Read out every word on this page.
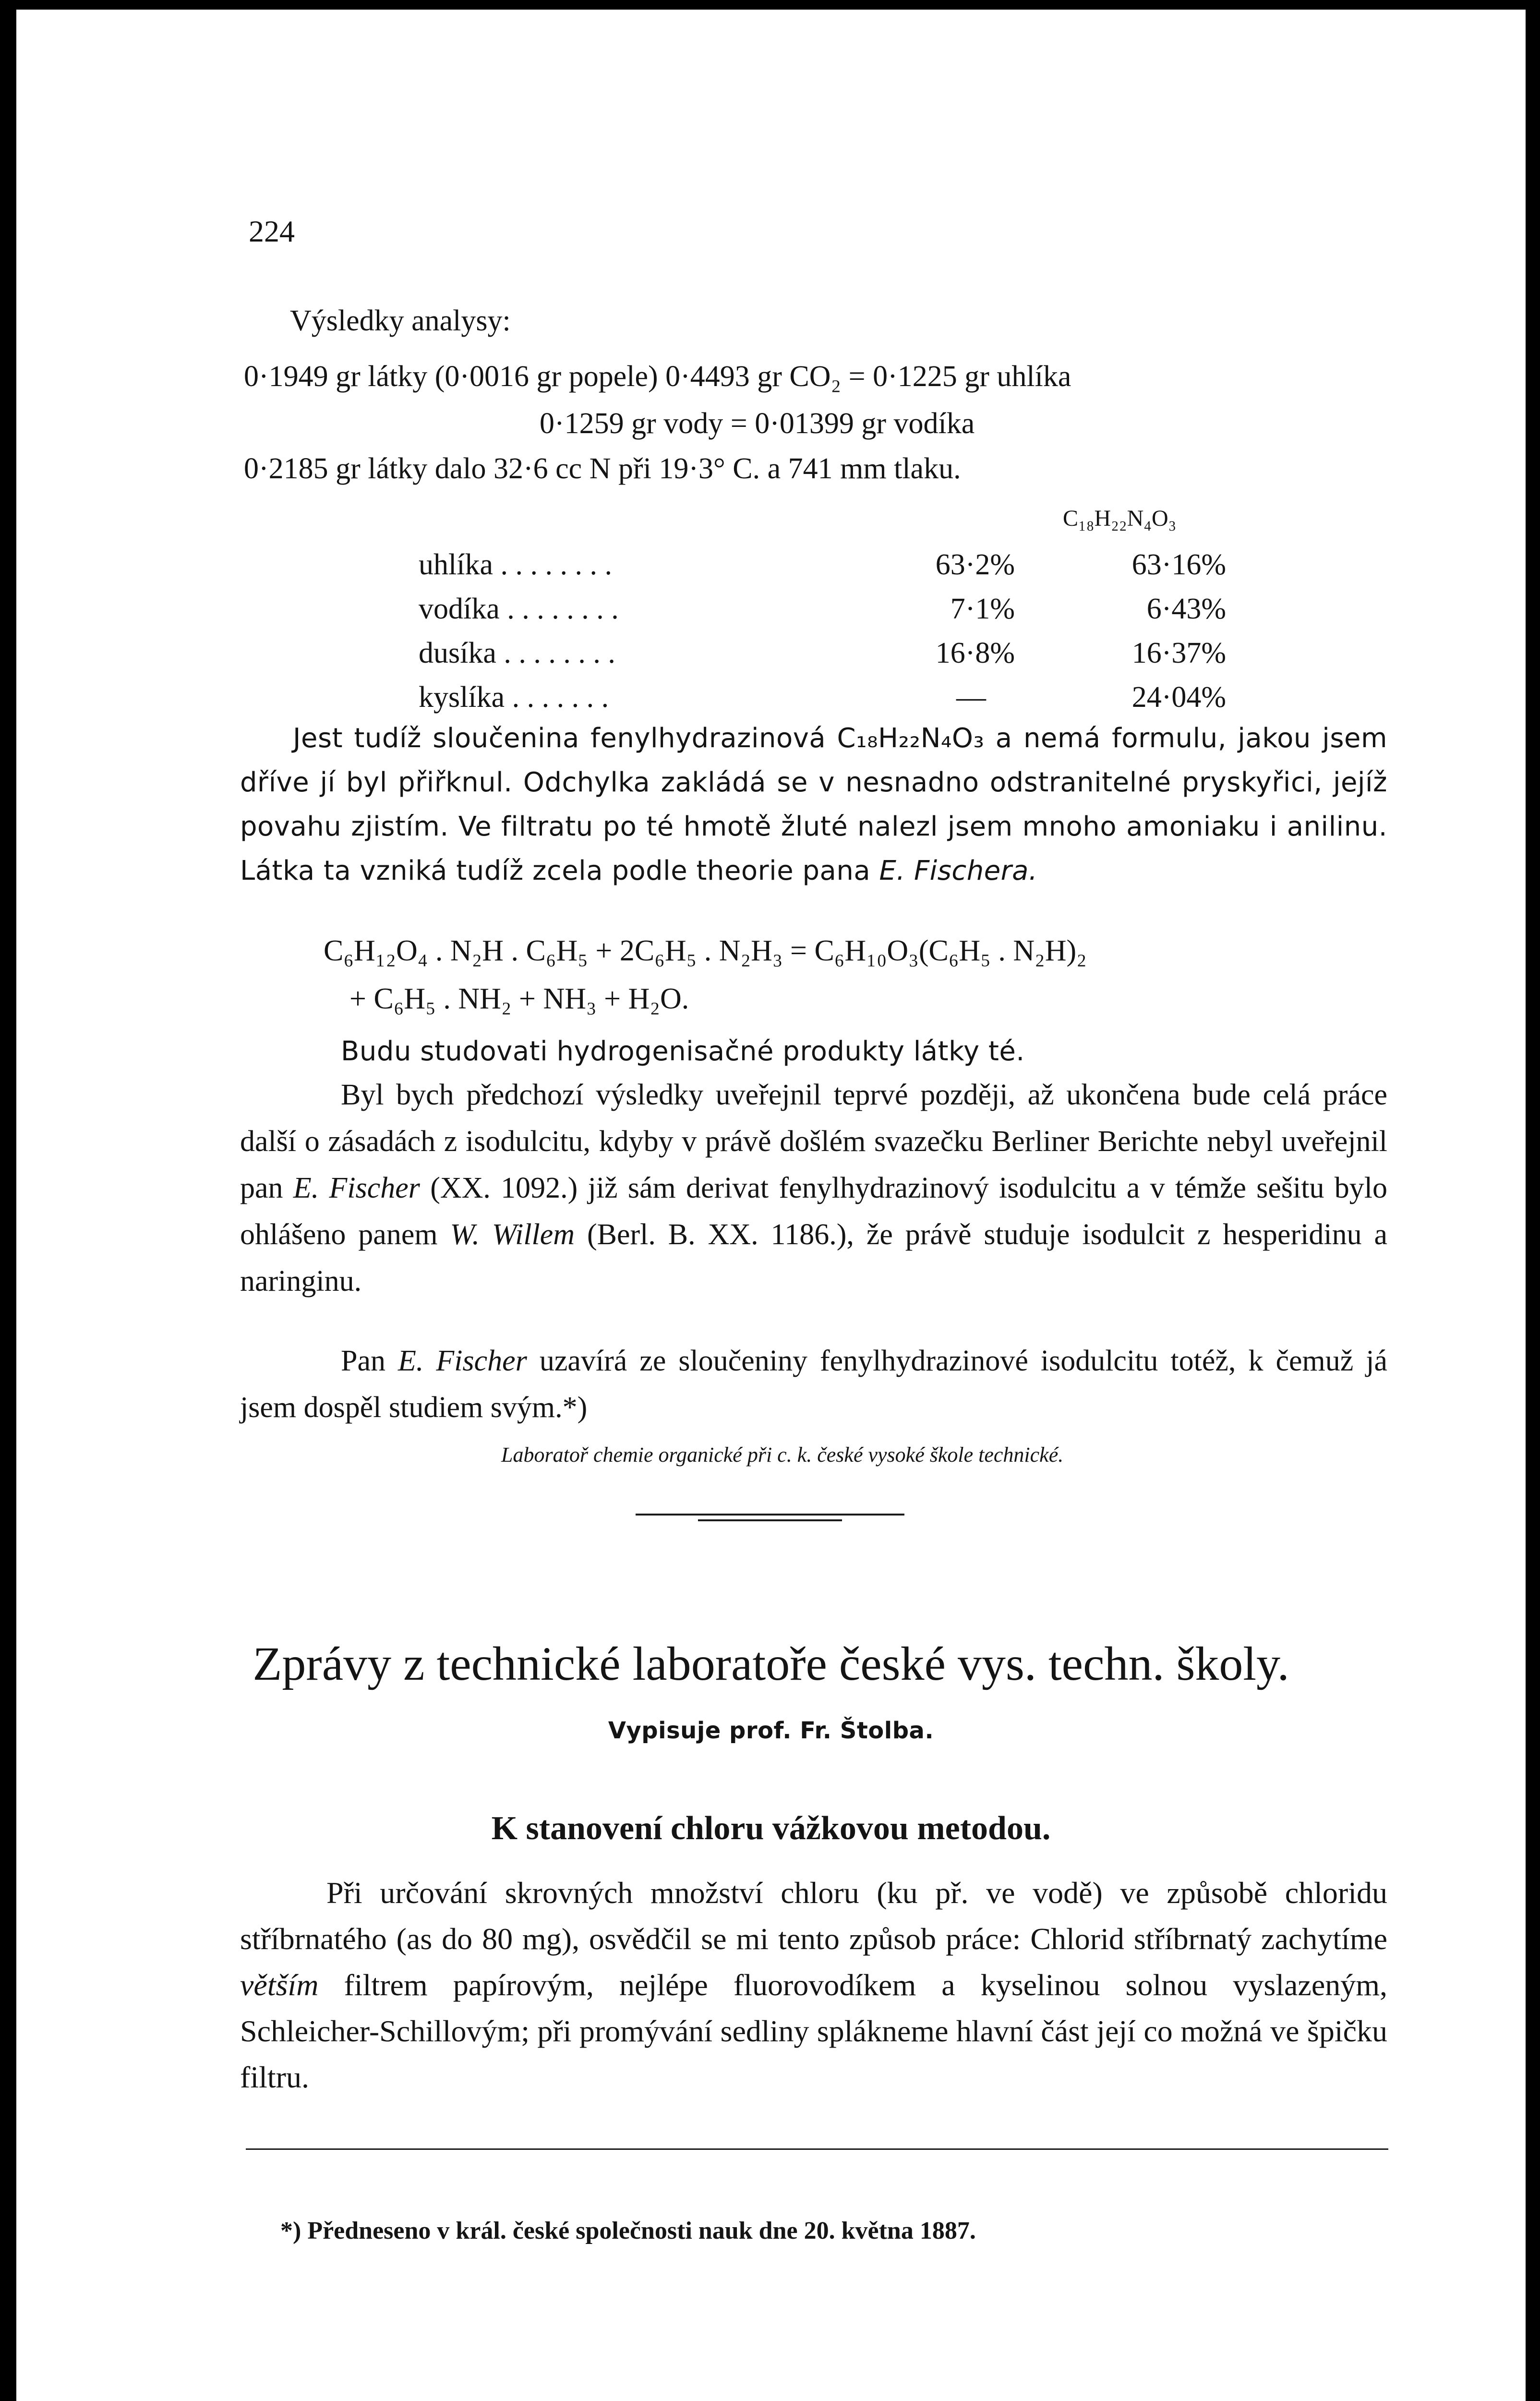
224
Výsledky analysy:
0·1949 gr látky (0·0016 gr popele) 0·4493 gr CO₂ = 0·1225 gr uhlíka
0·1259 gr vody = 0·01399 gr vodíka
0·2185 gr látky dalo 32·6 cc N při 19·3° C. a 741 mm tlaku.
C₁₈H₂₂N₄O₃
uhlíka . . . . . . . .	63·2%	63·16%
vodíka . . . . . . . .	7·1%	6·43%
dusíka . . . . . . . .	16·8%	16·37%
kyslíka . . . . . . .	—	24·04%
Jest tudíž sloučenina fenylhydrazinová C₁₈H₂₂N₄O₃ a nemá formulu, jakou jsem dříve jí byl přiřknul. Odchylka zakládá se v nesnadno odstranitelné pryskyřici, jejíž povahu zjistím. Ve filtratu po té hmotě žluté nalezl jsem mnoho amoniaku i anilinu. Látka ta vzniká tudíž zcela podle theorie pana E. Fischera.
C₆H₁₂O₄ . N₂H . C₆H₅ + 2C₆H₅ . N₂H₃ = C₆H₁₀O₃(C₆H₅ . N₂H)₂
+ C₆H₅ . NH₂ + NH₃ + H₂O.
Budu studovati hydrogenisačné produkty látky té.
Byl bych předchozí výsledky uveřejnil teprvé později, až ukončena bude celá práce další o zásadách z isodulcitu, kdyby v právě došlém svazečku Berliner Berichte nebyl uveřejnil pan E. Fischer (XX. 1092.) již sám derivat fenylhydrazinový isodulcitu a v témže sešitu bylo ohlášeno panem W. Willem (Berl. B. XX. 1186.), že právě studuje isodulcit z hesperidinu a naringinu.
Pan E. Fischer uzavírá ze sloučeniny fenylhydrazinové isodulcitu totéž, k čemuž já jsem dospěl studiem svým.*)
Laboratoř chemie organické při c. k. české vysoké škole technické.
Zprávy z technické laboratoře české vys. techn. školy.
Vypisuje prof. Fr. Štolba.
K stanovení chloru vážkovou metodou.
Při určování skrovných množství chloru (ku př. ve vodě) ve způsobě chloridu stříbrnatého (as do 80 mg), osvědčil se mi tento způsob práce: Chlorid stříbrnatý zachytíme větším filtrem papírovým, nejlépe fluorovodíkem a kyselinou solnou vyslazeným, Schleicher-Schillovým; při promývání sedliny splákneme hlavní část její co možná ve špičku filtru.
*) Předneseno v král. české společnosti nauk dne 20. května 1887.
